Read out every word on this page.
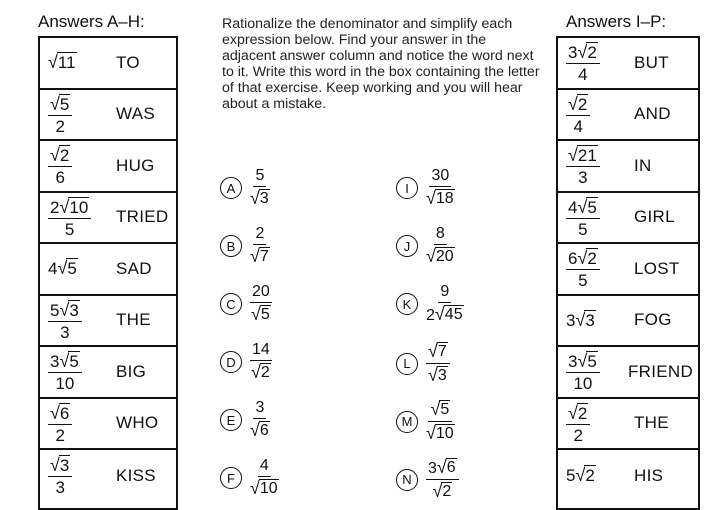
Answers A–H:
√ 11 TO
$\frac{√ 5}{2}$	WAS
$\frac{√ 2}{6}$	HUG
$\frac{2 √ 10}{5}$ TRIED
4 √ 5 SAD
$\frac{5 √ 3}{3}$ THE
$\frac{3 √ 5}{10}$ BIG
$\frac{√ 6}{2}$	WHO
$\frac{√ 3}{3}$	KISS
Rationalize the denominator and simplify each expression below. Find your answer in the adjacent answer column and notice the word next to it. Write this word in the box containing the letter of that exercise. Keep working and you will hear about a mistake.
A $\frac{5}{√ 3}$
B $\frac{2}{√ 7}$
C $\frac{20}{√ 5}$
D $\frac{14}{√ 2}$
E $\frac{3}{√ 6}$
F $\frac{4}{√ 10}$
I	$\frac{30}{√ 18}$
J $\frac{8}{√ 20}$
K $\frac{9}{2 √ 45}$
L $\frac{√ 7}{√ 3}$
M $\frac{√ 5}{√ 10}$
N $\frac{3 √ 6}{√ 2}$
Answers I–P:
$\frac{3 √ 2}{4}$ BUT
$\frac{√ 2}{4}$	AND
$\frac{√ 21}{3}$ IN
$\frac{4 √ 5}{5}$ GIRL
$\frac{6 √ 2}{5}$ LOST
3 √ 3 FOG
$\frac{3 √ 5}{10}$ FRIEND
$\frac{√ 2}{2}$	THE
5 √ 2 HIS
